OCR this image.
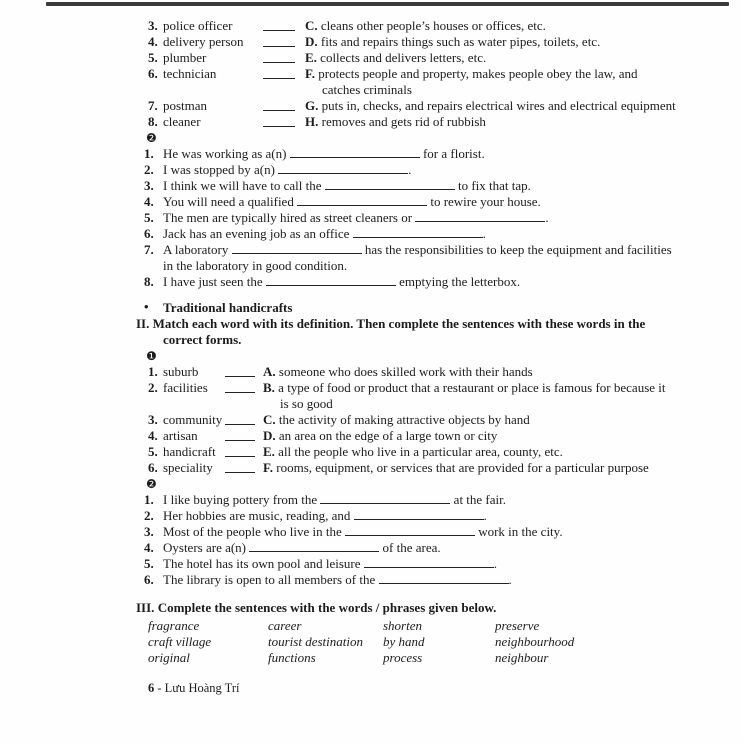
3. police officer	C. cleans other people’s houses or offices, etc.
4. delivery person	D. fits and repairs things such as water pipes, toilets, etc.
5. plumber	E. collects and delivers letters, etc.
6. technician	F. protects people and property, makes people obey the law, and catches criminals
7. postman	G. puts in, checks, and repairs electrical wires and electrical equipment
8. cleaner	H. removes and gets rid of rubbish
❷
1. He was working as a(n)	for a florist.
2. I was stopped by a(n)	.
3. I think we will have to call the	to fix that tap.
4. You will need a qualified	to rewire your house.
5. The men are typically hired as street cleaners or	.
6. Jack has an evening job as an office	.
7. A laboratory	has the responsibilities to keep the equipment and facilities in the laboratory in good condition.
8. I have just seen the	emptying the letterbox.
• Traditional handicrafts
II. Match each word with its definition. Then complete the sentences with these words in the correct forms.
❶
1. suburb	A. someone who does skilled work with their hands
2. facilities	B. a type of food or product that a restaurant or place is famous for because it is so good
3. community	C. the activity of making attractive objects by hand
4. artisan	D. an area on the edge of a large town or city
5. handicraft	E. all the people who live in a particular area, county, etc.
6. speciality	F. rooms, equipment, or services that are provided for a particular purpose
❷
1. I like buying pottery from the	at the fair.
2. Her hobbies are music, reading, and	.
3. Most of the people who live in the	work in the city.
4. Oysters are a(n)	of the area.
5. The hotel has its own pool and leisure	.
6. The library is open to all members of the	.
III. Complete the sentences with the words / phrases given below.
fragrance	career	shorten	preserve
craft village	tourist destination	by hand	neighbourhood
original	functions	process	neighbour
6 - Lưu Hoàng Trí
